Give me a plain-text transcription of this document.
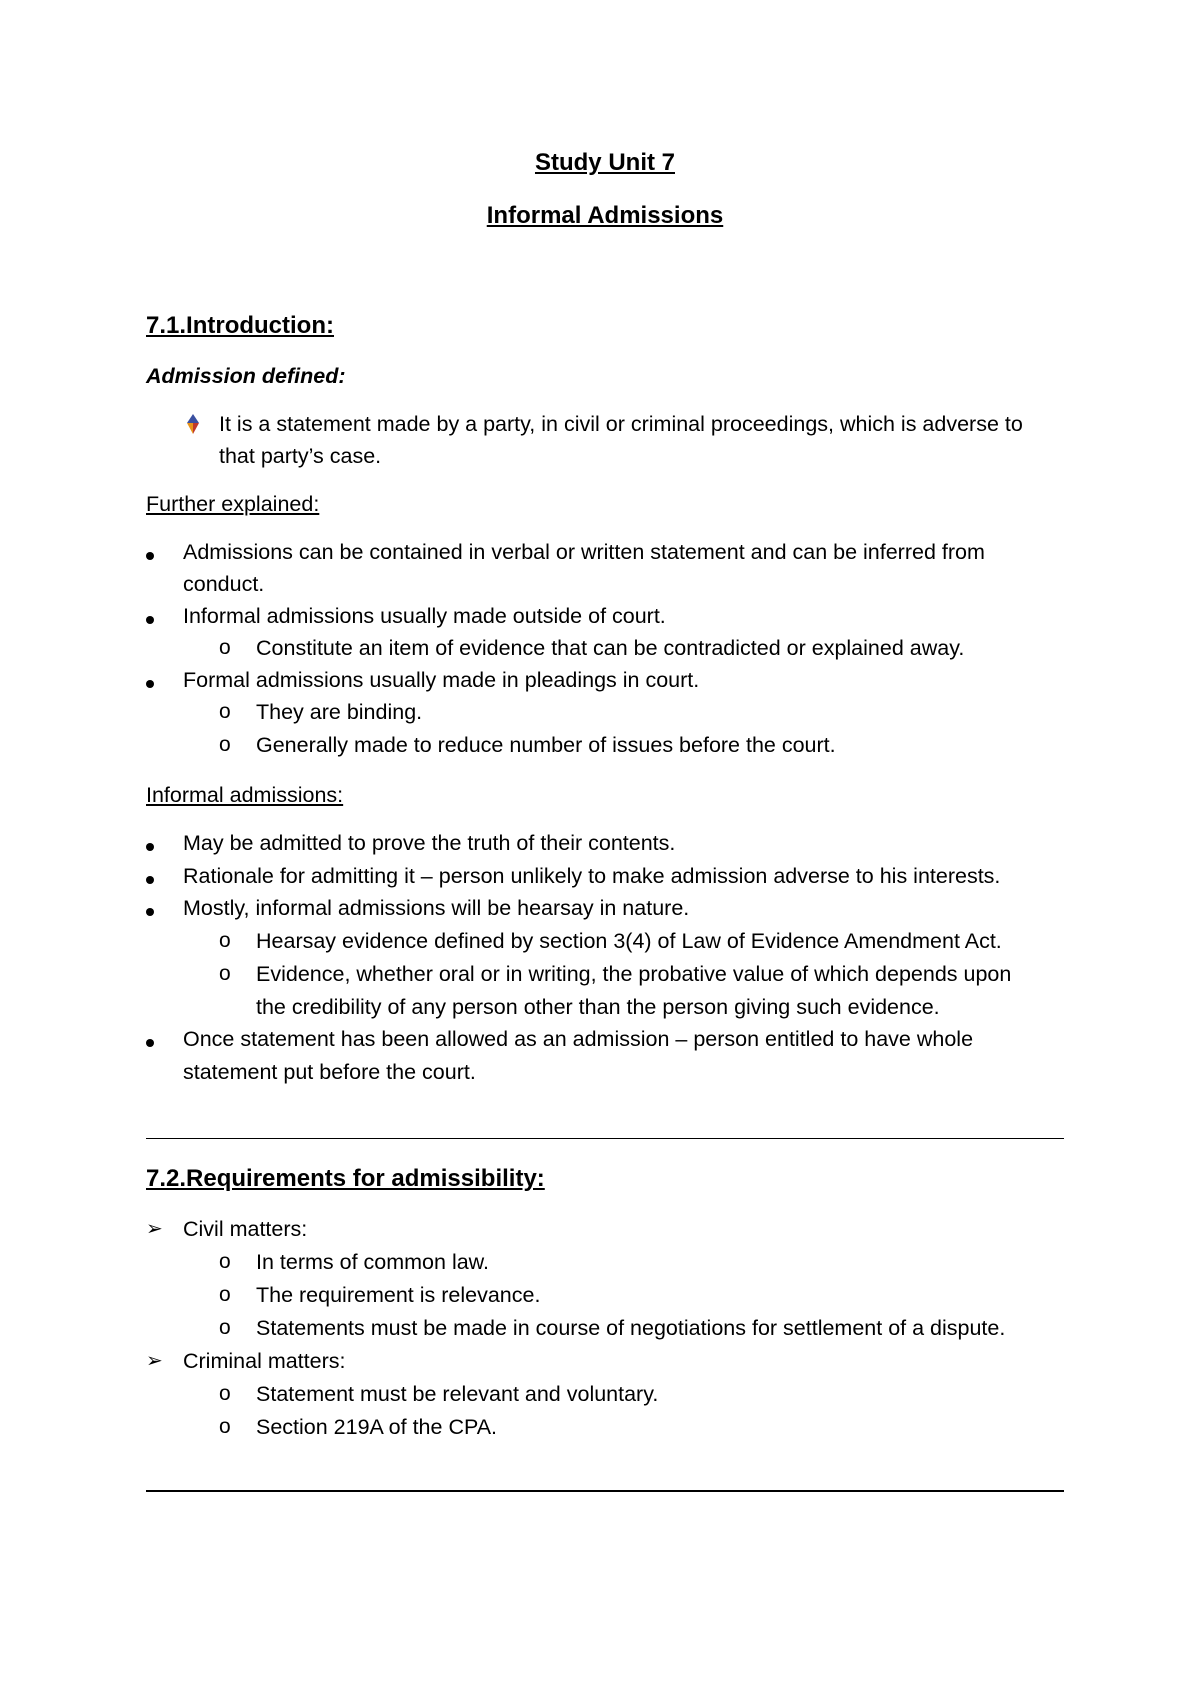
Study Unit 7
Informal Admissions
7.1.Introduction:
Admission defined:
It is a statement made by a party, in civil or criminal proceedings, which is adverse to
that party’s case.
Further explained:
Admissions can be contained in verbal or written statement and can be inferred from
conduct.
Informal admissions usually made outside of court.
o Constitute an item of evidence that can be contradicted or explained away.
Formal admissions usually made in pleadings in court.
o They are binding.
o Generally made to reduce number of issues before the court.
Informal admissions:
May be admitted to prove the truth of their contents.
Rationale for admitting it – person unlikely to make admission adverse to his interests.
Mostly, informal admissions will be hearsay in nature.
o Hearsay evidence defined by section 3(4) of Law of Evidence Amendment Act.
o Evidence, whether oral or in writing, the probative value of which depends upon
the credibility of any person other than the person giving such evidence.
Once statement has been allowed as an admission – person entitled to have whole
statement put before the court.
7.2.Requirements for admissibility:
➢ Civil matters:
o In terms of common law.
o The requirement is relevance.
o Statements must be made in course of negotiations for settlement of a dispute.
➢ Criminal matters:
o Statement must be relevant and voluntary.
o Section 219A of the CPA.
